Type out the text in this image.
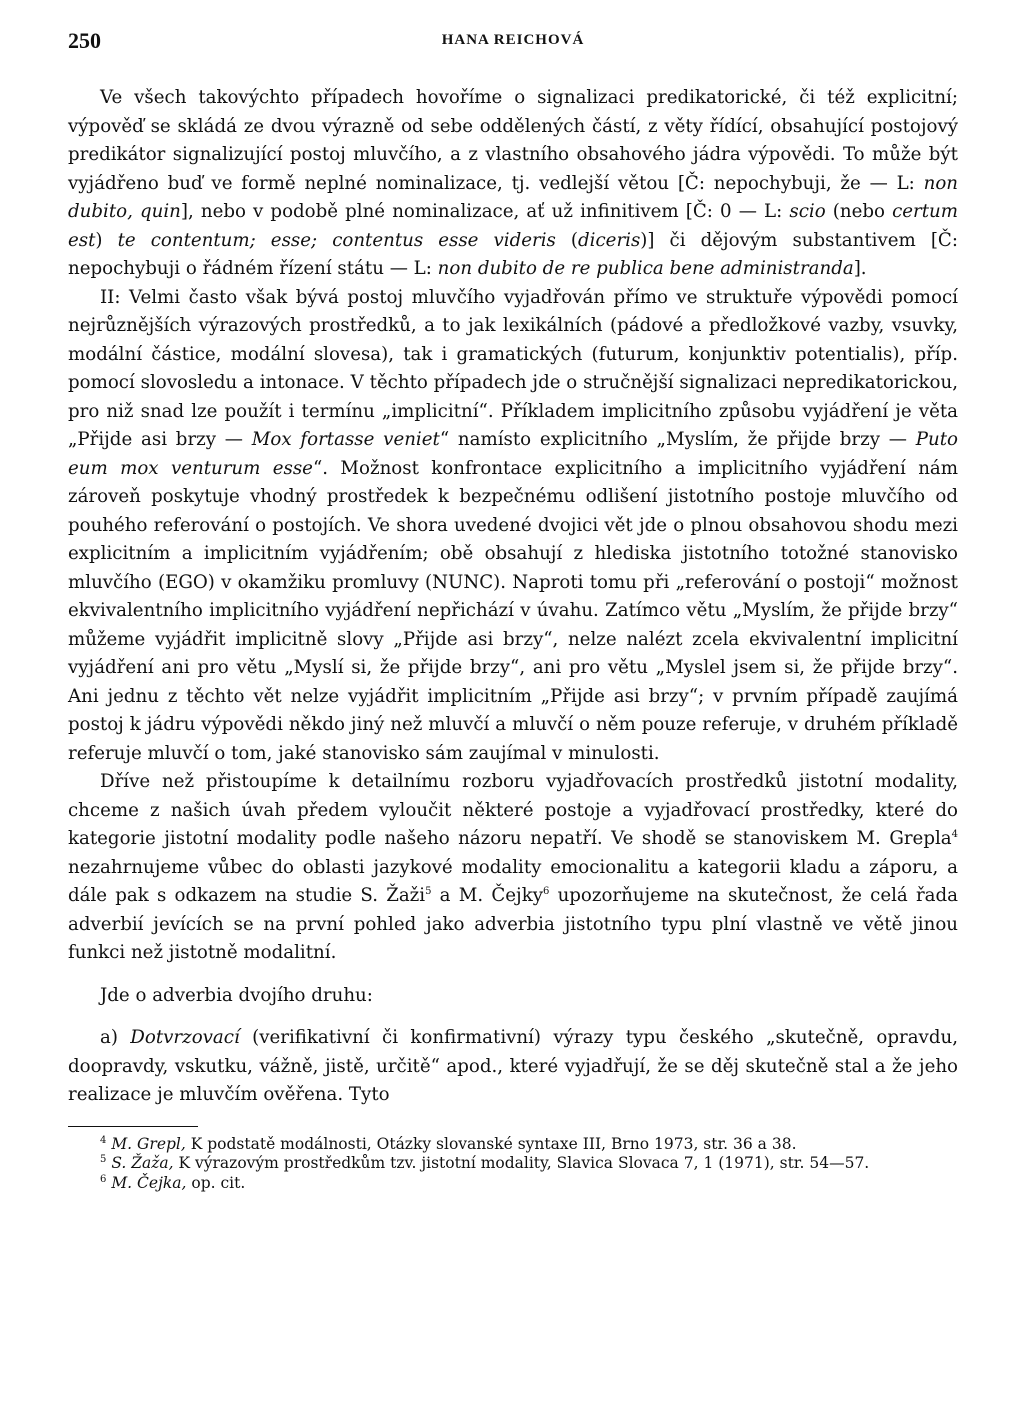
250	HANA REICHOVÁ

Ve všech takovýchto případech hovoříme o signalizaci predikatorické, či též explicitní; výpověď se skládá ze dvou výrazně od sebe oddělených částí, z věty řídící, obsahující postojový predikátor signalizující postoj mluvčího, a z vlastního obsahového jádra výpovědi. To může být vyjádřeno buď ve formě neplné nominalizace, tj. vedlejší větou [Č: nepochybuji, že — L: non dubito, quin], nebo v podobě plné nominalizace, ať už infinitivem [Č: 0 — L: scio (nebo certum est) te contentum; esse; contentus esse videris (diceris)] či dějovým substantivem [Č: nepochybuji o řádném řízení státu — L: non dubito de re publica bene administranda].

II: Velmi často však bývá postoj mluvčího vyjadřován přímo ve struktuře výpovědi pomocí nejrůznějších výrazových prostředků, a to jak lexikálních (pádové a předložkové vazby, vsuvky, modální částice, modální slovesa), tak i gramatických (futurum, konjunktiv potentialis), příp. pomocí slovosledu a intonace. V těchto případech jde o stručnější signalizaci nepredikatorickou, pro niž snad lze použít i termínu „implicitní“. Příkladem implicitního způsobu vyjádření je věta „Přijde asi brzy — Mox fortasse veniet“ namísto explicitního „Myslím, že přijde brzy — Puto eum mox venturum esse“. Možnost konfrontace explicitního a implicitního vyjádření nám zároveň poskytuje vhodný prostředek k bezpečnému odlišení jistotního postoje mluvčího od pouhého referování o postojích. Ve shora uvedené dvojici vět jde o plnou obsahovou shodu mezi explicitním a implicitním vyjádřením; obě obsahují z hlediska jistotního totožné stanovisko mluvčího (EGO) v okamžiku promluvy (NUNC). Naproti tomu při „referování o postoji“ možnost ekvivalentního implicitního vyjádření nepřichází v úvahu. Zatímco větu „Myslím, že přijde brzy“ můžeme vyjádřit implicitně slovy „Přijde asi brzy“, nelze nalézt zcela ekvivalentní implicitní vyjádření ani pro větu „Myslí si, že přijde brzy“, ani pro větu „Myslel jsem si, že přijde brzy“. Ani jednu z těchto vět nelze vyjádřit implicitním „Přijde asi brzy“; v prvním případě zaujímá postoj k jádru výpovědi někdo jiný než mluvčí a mluvčí o něm pouze referuje, v druhém příkladě referuje mluvčí o tom, jaké stanovisko sám zaujímal v minulosti.

Dříve než přistoupíme k detailnímu rozboru vyjadřovacích prostředků jistotní modality, chceme z našich úvah předem vyloučit některé postoje a vyjadřovací prostředky, které do kategorie jistotní modality podle našeho názoru nepatří. Ve shodě se stanoviskem M. Grepla$^4$ nezahrnujeme vůbec do oblasti jazykové modality emocionalitu a kategorii kladu a záporu, a dále pak s odkazem na studie S. Žaži$^5$ a M. Čejky$^6$ upozorňujeme na skutečnost, že celá řada adverbií jevících se na první pohled jako adverbia jistotního typu plní vlastně ve větě jinou funkci než jistotně modalitní.

Jde o adverbia dvojího druhu:

a) Dotvrzovací (verifikativní či konfirmativní) výrazy typu českého „skutečně, opravdu, doopravdy, vskutku, vážně, jistě, určitě“ apod., které vyjadřují, že se děj skutečně stal a že jeho realizace je mluvčím ověřena. Tyto

$^4$ M. Grepl, K podstatě modálnosti, Otázky slovanské syntaxe III, Brno 1973, str. 36 a 38.

$^5$ S. Žaža, K výrazovým prostředkům tzv. jistotní modality, Slavica Slovaca 7, 1 (1971), str. 54—57.

$^6$ M. Čejka, op. cit.
